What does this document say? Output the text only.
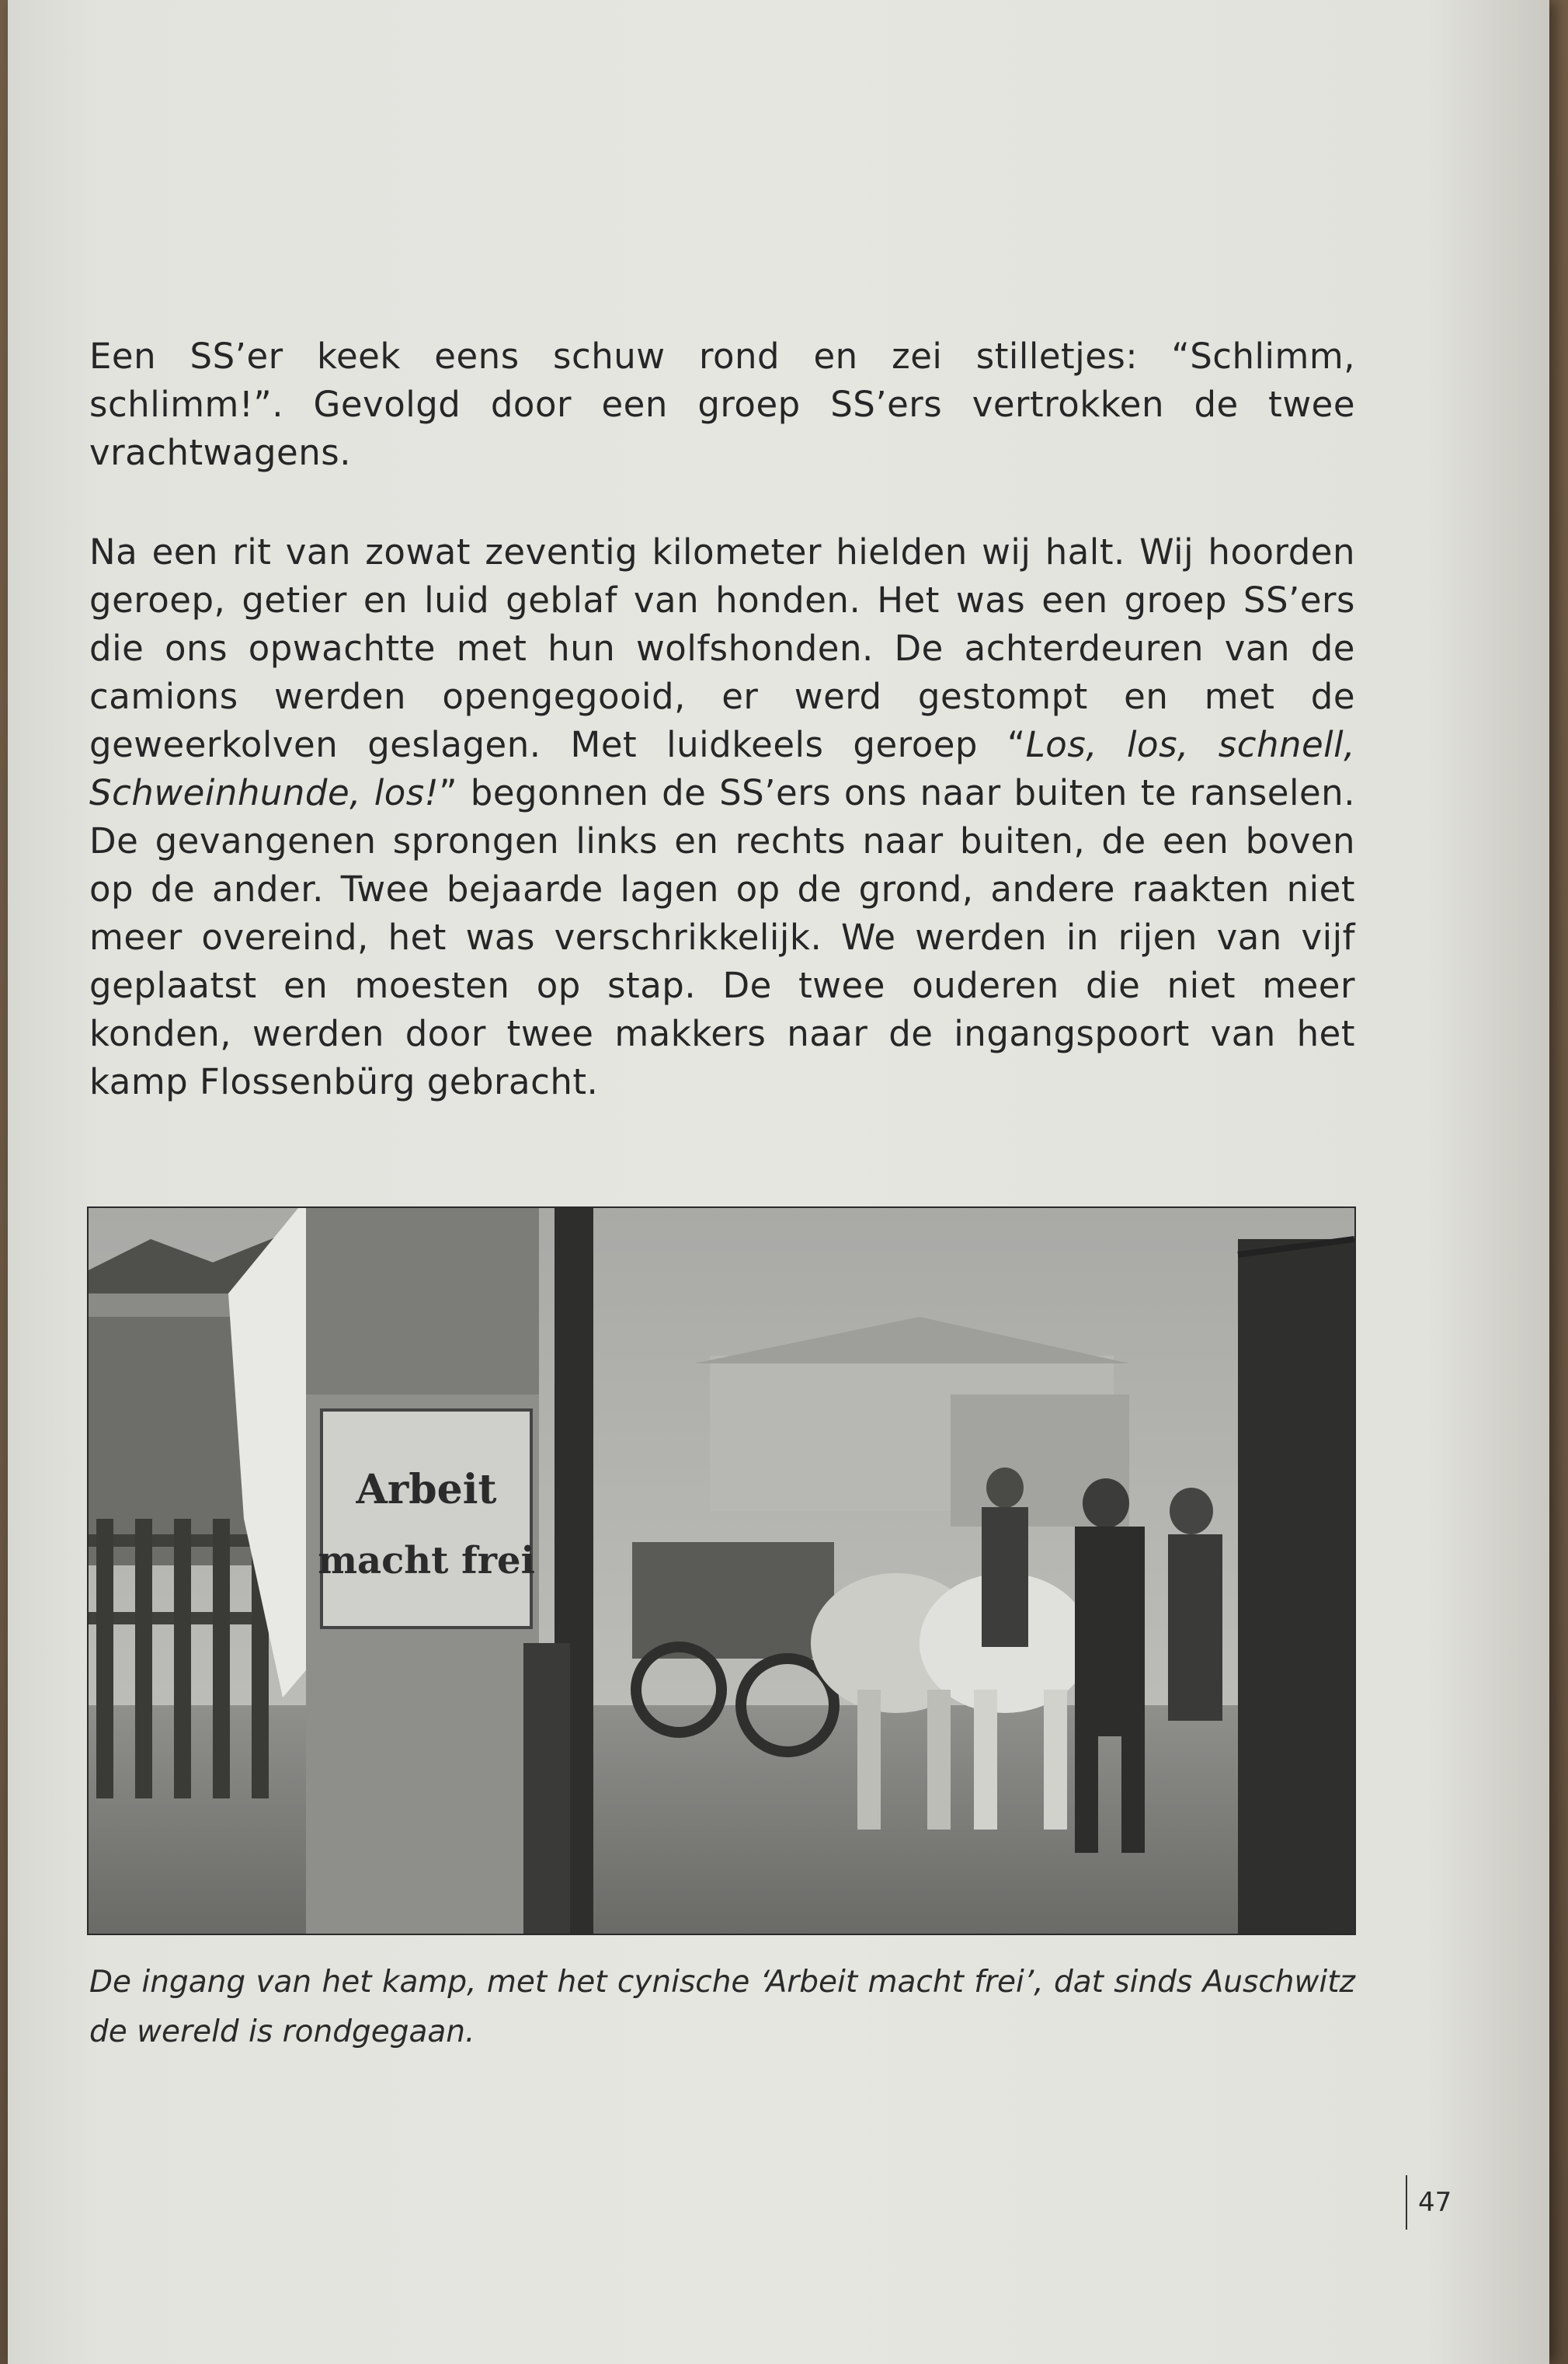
Een SS’er keek eens schuw rond en zei stilletjes: “Schlimm, schlimm!”. Gevolgd door een groep SS’ers vertrokken de twee vrachtwagens.

Na een rit van zowat zeventig kilometer hielden wij halt. Wij hoorden geroep, getier en luid geblaf van honden. Het was een groep SS’ers die ons opwachtte met hun wolfshonden. De achterdeuren van de camions werden opengegooid, er werd gestompt en met de geweerkolven geslagen. Met luidkeels geroep “Los, los, schnell, Schweinhunde, los!” begonnen de SS’ers ons naar buiten te ranselen. De gevangenen sprongen links en rechts naar buiten, de een boven op de ander. Twee bejaarde lagen op de grond, andere raakten niet meer overeind, het was verschrikkelijk. We werden in rijen van vijf geplaatst en moesten op stap. De twee ouderen die niet meer konden, werden door twee makkers naar de ingangspoort van het kamp Flossenbürg gebracht.

Arbeit
macht frei
De ingang van het kamp, met het cynische ‘Arbeit macht frei’, dat sinds Auschwitz de wereld is rondgegaan.
47
